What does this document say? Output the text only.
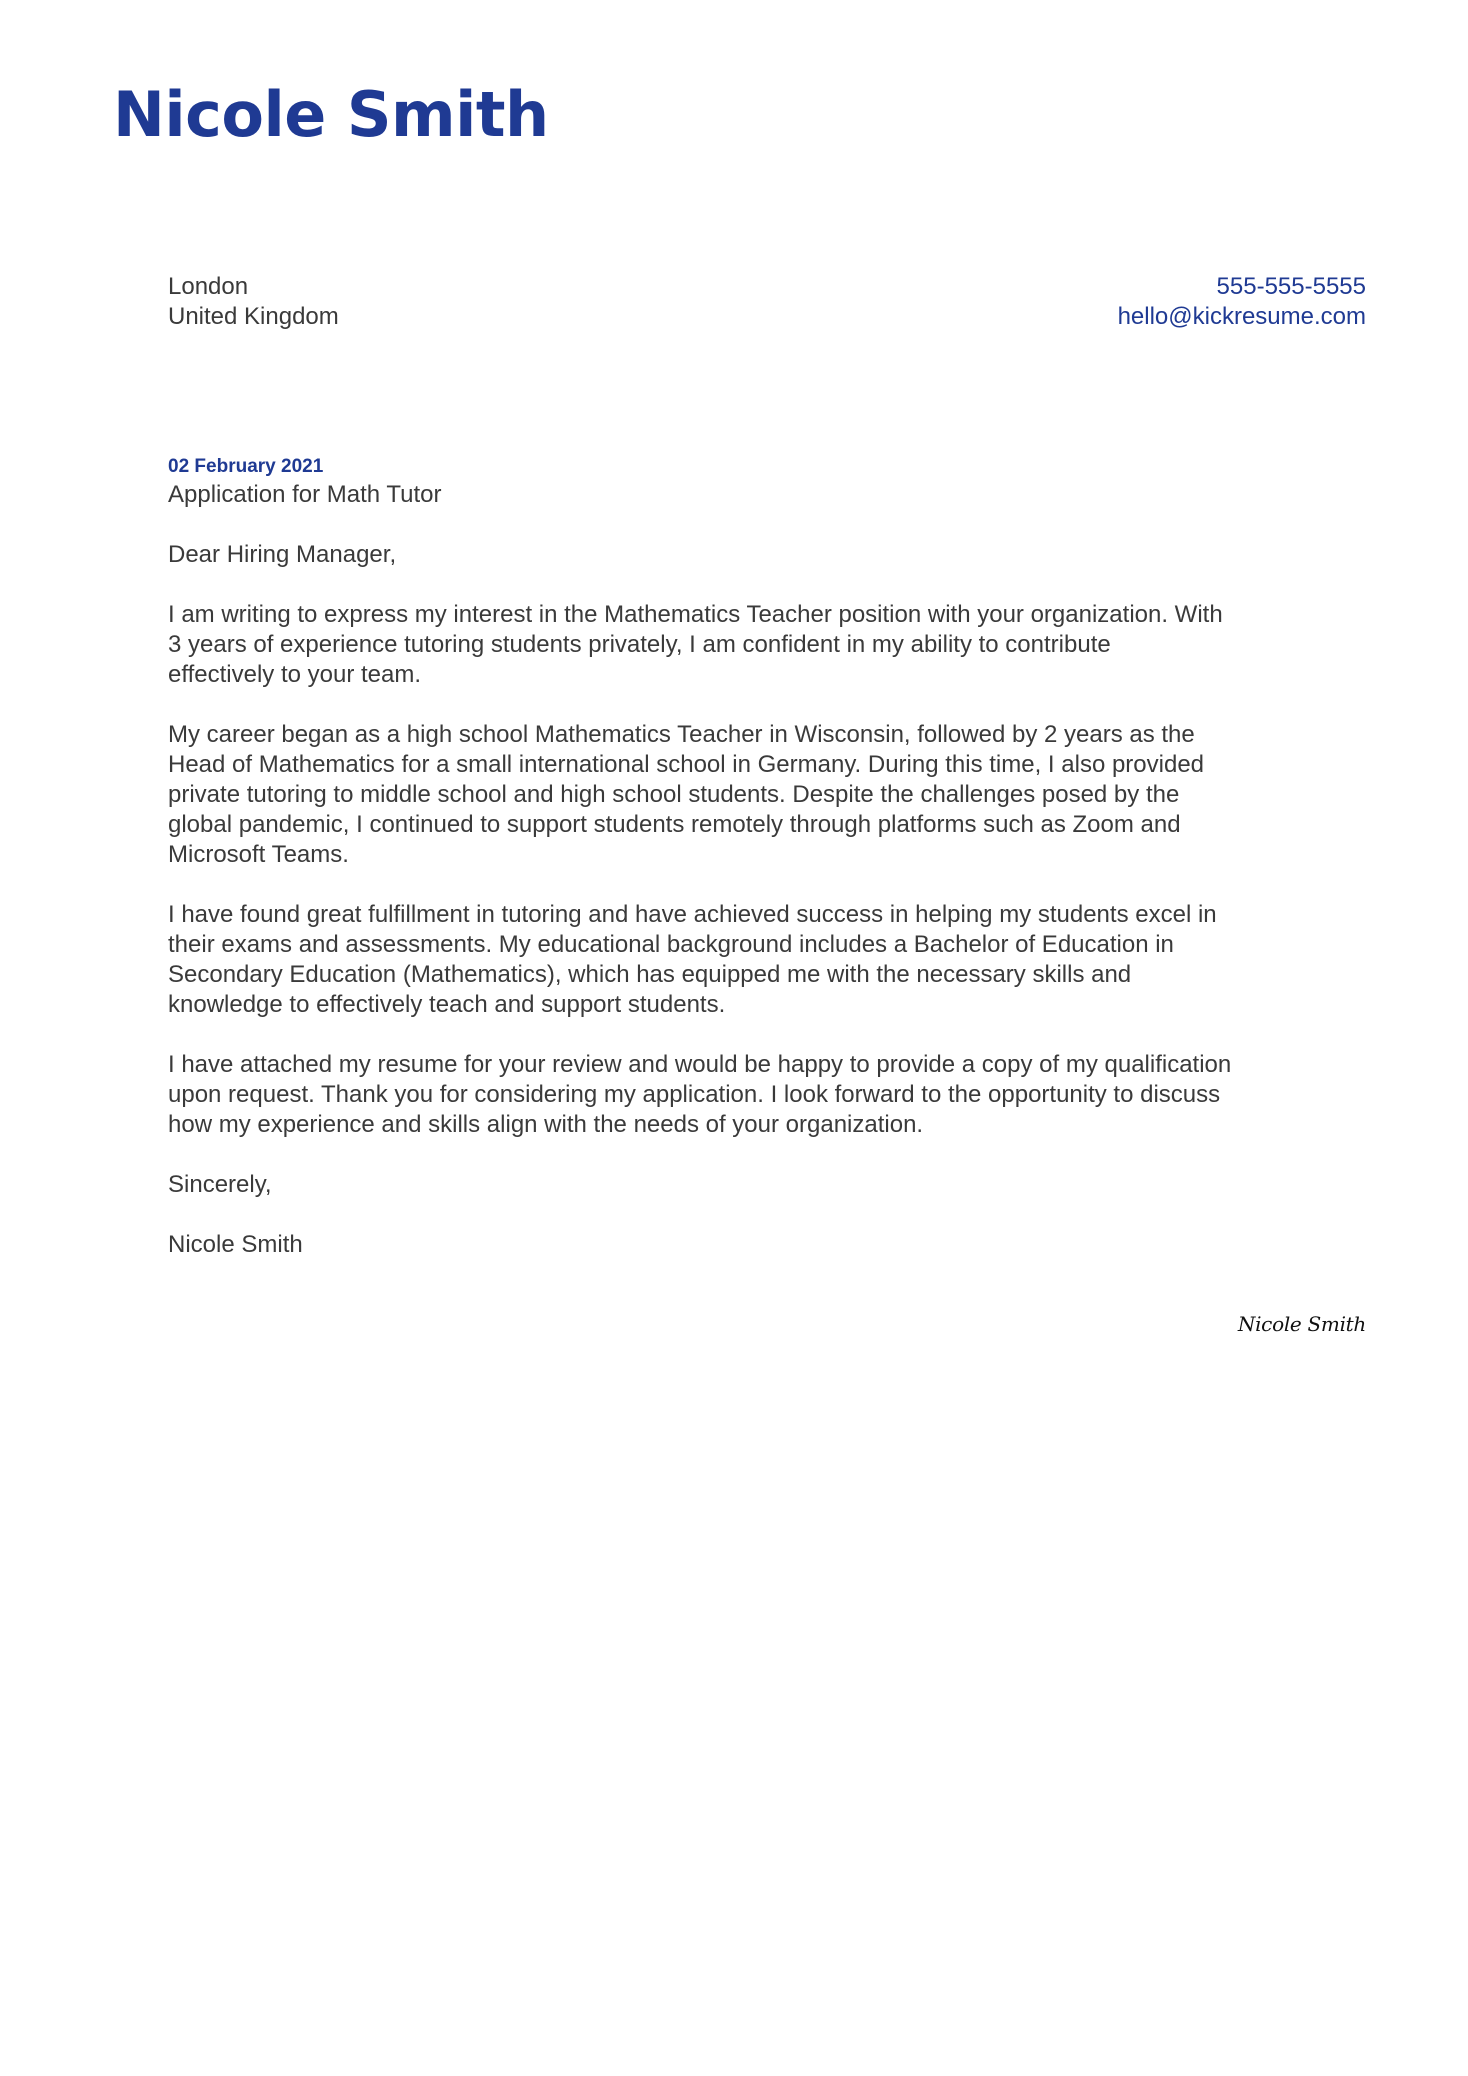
Nicole Smith
London
United Kingdom
555-555-5555
hello@kickresume.com

02 February 2021

Application for Math Tutor

Dear Hiring Manager,

I am writing to express my interest in the Mathematics Teacher position with your organization. With
3 years of experience tutoring students privately, I am confident in my ability to contribute
effectively to your team.

My career began as a high school Mathematics Teacher in Wisconsin, followed by 2 years as the
Head of Mathematics for a small international school in Germany. During this time, I also provided
private tutoring to middle school and high school students. Despite the challenges posed by the
global pandemic, I continued to support students remotely through platforms such as Zoom and
Microsoft Teams.

I have found great fulfillment in tutoring and have achieved success in helping my students excel in
their exams and assessments. My educational background includes a Bachelor of Education in
Secondary Education (Mathematics), which has equipped me with the necessary skills and
knowledge to effectively teach and support students.

I have attached my resume for your review and would be happy to provide a copy of my qualification
upon request. Thank you for considering my application. I look forward to the opportunity to discuss
how my experience and skills align with the needs of your organization.

Sincerely,

Nicole Smith

Nicole Smith
